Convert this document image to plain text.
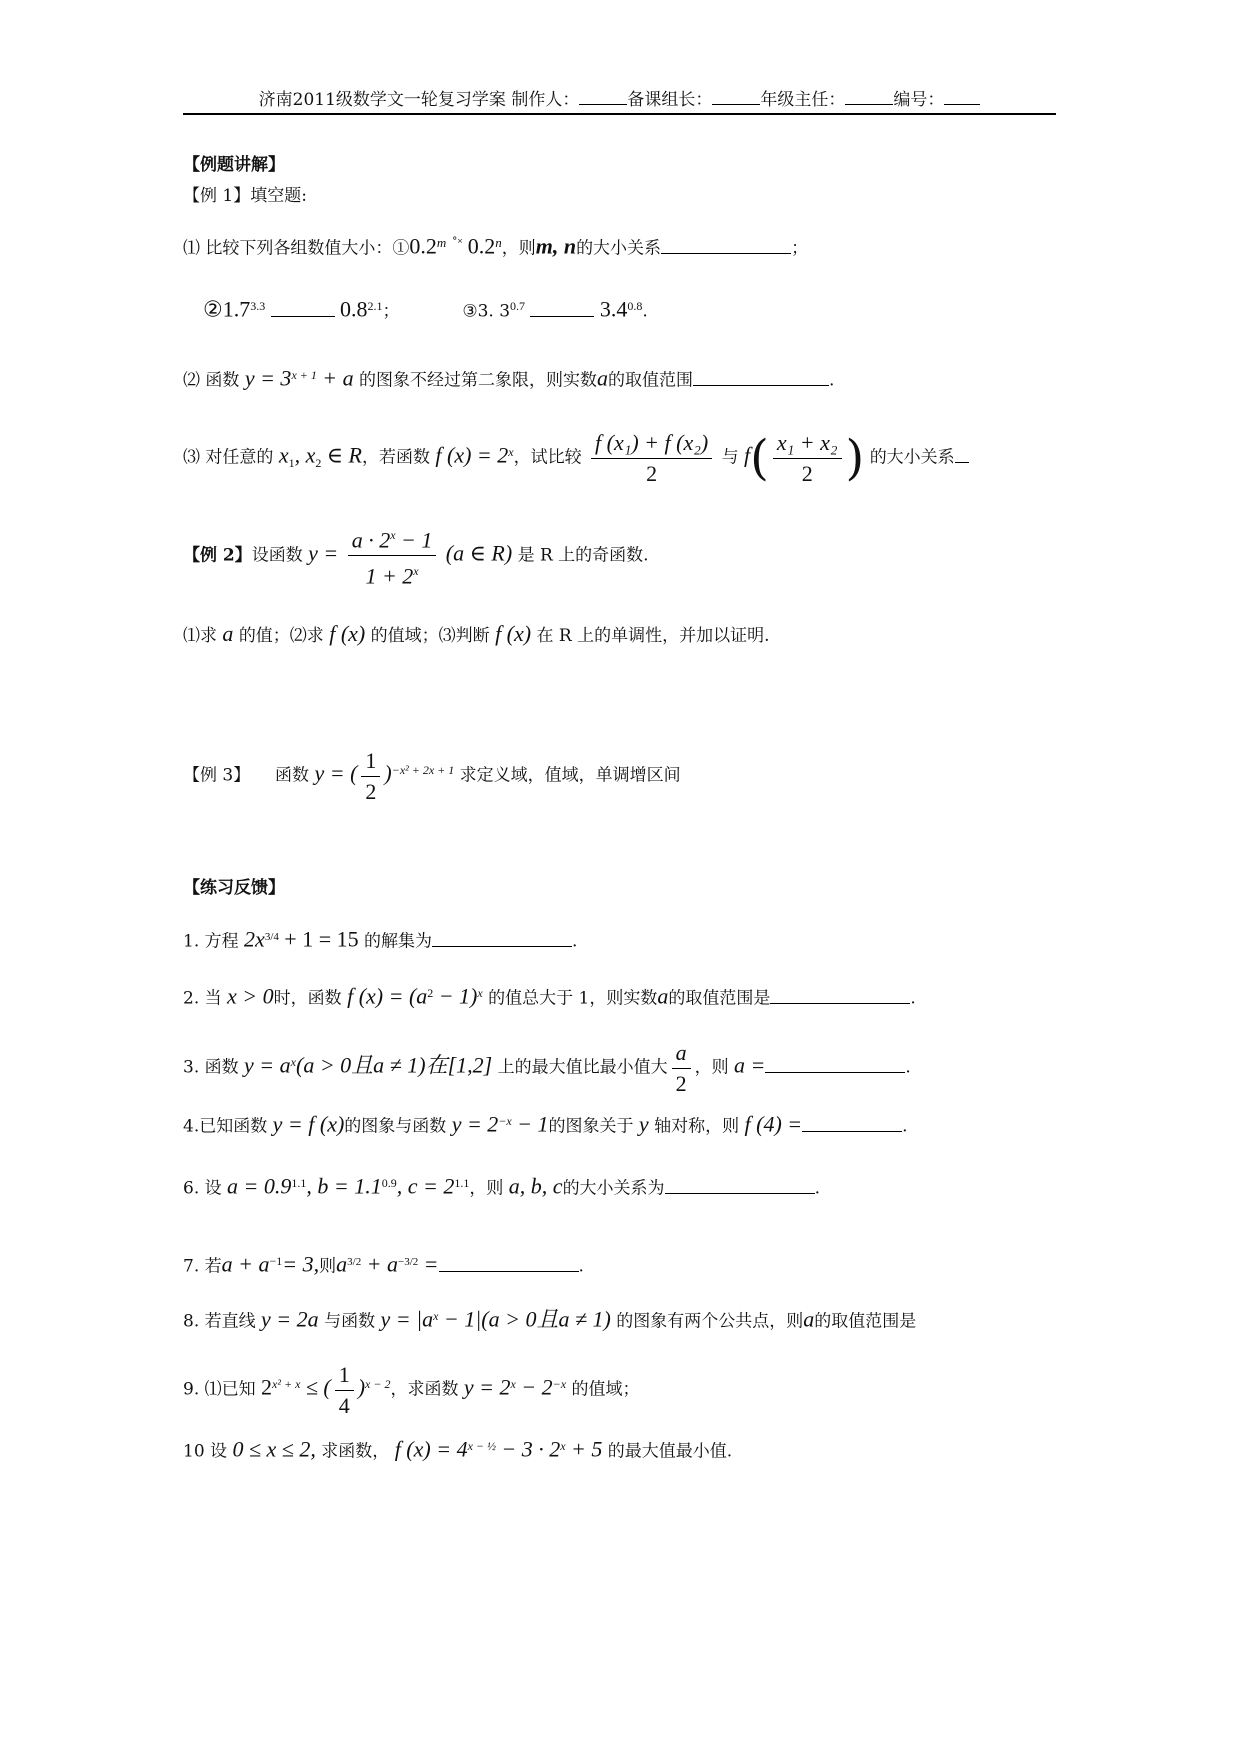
济南2011级数学文一轮复习学案 制作人：	备课组长：	年级主任：	编号：
【例题讲解】
【例 1】填空题:
⑴ 比较下列各组数值大小：①0.2$^m$ ˚˟ 0.2$^n$，则m, n的大小关系	；
$②1.7^{3.3}$	$0.8^{2.1}$；	③3. $3^{0.7}$	$3.4^{0.8}$.
⑵ 函数 $y = 3^{x + 1} + a$ 的图象不经过第二象限，则实数a的取值范围	.
⑶ 对任意的 $x_1$, $x_2$ ∈ R，若函数 f $(x) = 2^x$，试比较 $\frac{\text{f (x₁) + f (x₂)}}{2}$ 与 $f( \frac{\text{x₁ + x₂}}{2}$ ) 的大小关系
【例 2】设函数 $y = \frac{a \cdot 2^x - 1}{1 + 2^x} (a$ ∈ R) 是 R 上的奇函数.
⑴求 a 的值；⑵求 f (x) 的值域；⑶判断 f (x) 在 R 上的单调性，并加以证明.
【例 3】 函数 y = ( $\frac{1}{2} )^{-x^2 + 2x + 1}$ 求定义域，值域，单调增区间
【练习反馈】
1. 方程 $2x^{3/4} + 1 = 15$ 的解集为	.
2. 当 x > 0时，函数 f $(x) = (a^2 - 1)^x$ 的值总大于 1，则实数a的取值范围是	.
3. 函数 $y = a^x(a > 0$且a ≠ 1)在[1,2] 上的最大值比最小值大 $\frac{a}{2}$ ，则 a =	.
4.已知函数 y = f (x)的图象与函数 $y = 2^{-x} - 1$的图象关于 y 轴对称，则 f (4) =	.
6. 设 $a = 0.9^{1.1}$, $b = 1.1^{0.9}$, $c = 2^{1.1}$，则 a, b, c的大小关系为	.
7. 若$a + a^{-1}= 3$,则$a^{3/2} + a^{-3/2}$ =	.
8. 若直线 y = 2a 与函数 $y = |a^x - 1|(a > 0$且a ≠ 1) 的图象有两个公共点，则a的取值范围是
9. ⑴已知 $2^{x^2 + x}$ ≤ ( $\frac{1}{4} )^{x - 2}$，求函数 $y = 2^x - 2^{-x}$ 的值域；
10 设 0 ≤ x ≤ 2, 求函数， f $(x) = 4^{x - \frac{1}{2}} - 3 \cdot 2^x + 5$ 的最大值最小值.
